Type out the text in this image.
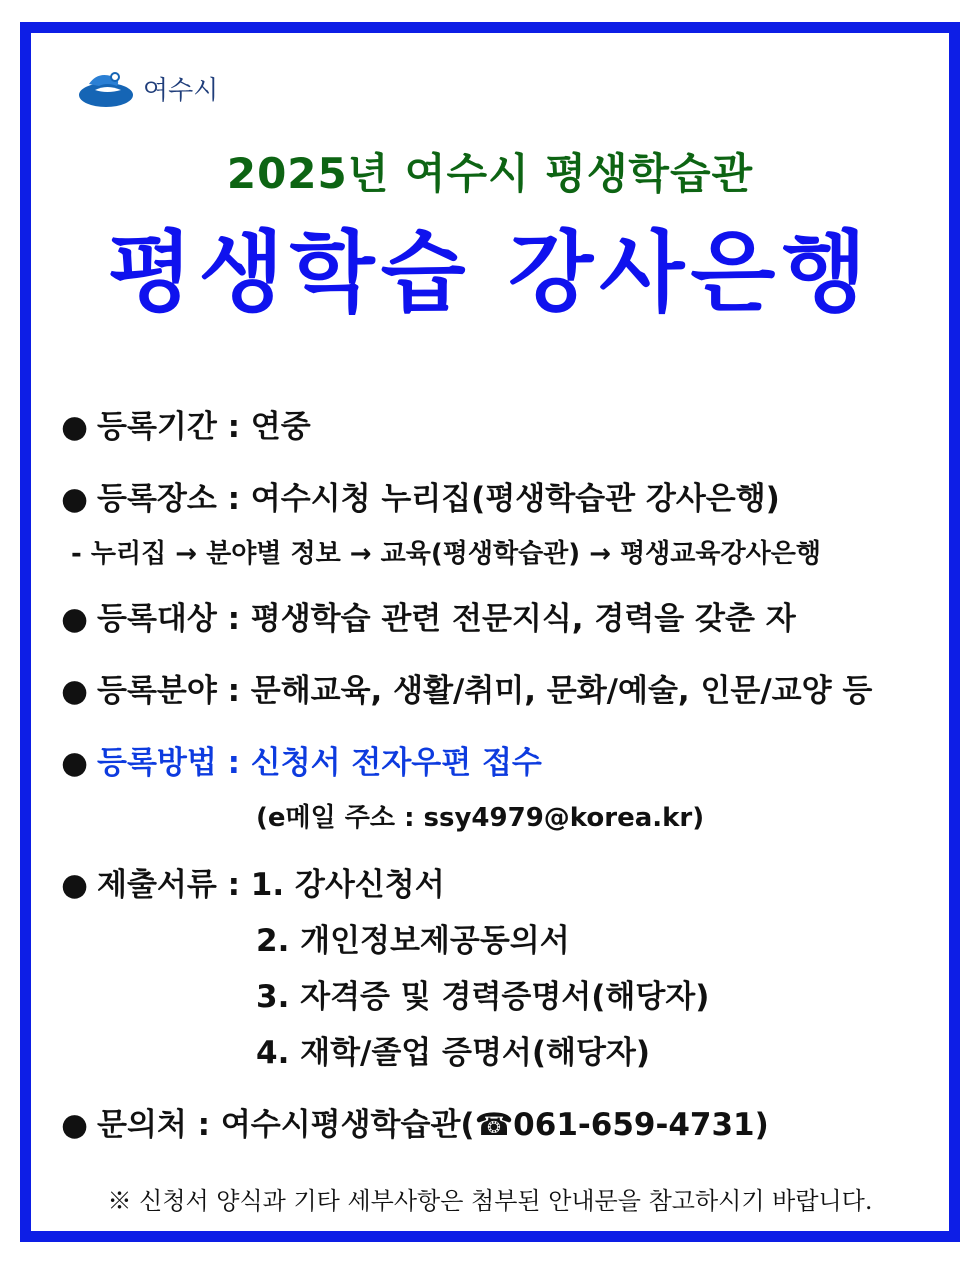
여수시
2025년 여수시 평생학습관
평생학습 강사은행
● 등록기간 : 연중
● 등록장소 : 여수시청 누리집(평생학습관 강사은행)
- 누리집 → 분야별 정보 → 교육(평생학습관) → 평생교육강사은행
● 등록대상 : 평생학습 관련 전문지식, 경력을 갖춘 자
● 등록분야 : 문해교육, 생활/취미, 문화/예술, 인문/교양 등
● 등록방법 : 신청서 전자우편 접수
(e메일 주소 : ssy4979@korea.kr)
● 제출서류 : 1. 강사신청서
2. 개인정보제공동의서
3. 자격증 및 경력증명서(해당자)
4. 재학/졸업 증명서(해당자)
● 문의처 : 여수시평생학습관(☎061-659-4731)
※ 신청서 양식과 기타 세부사항은 첨부된 안내문을 참고하시기 바랍니다.
